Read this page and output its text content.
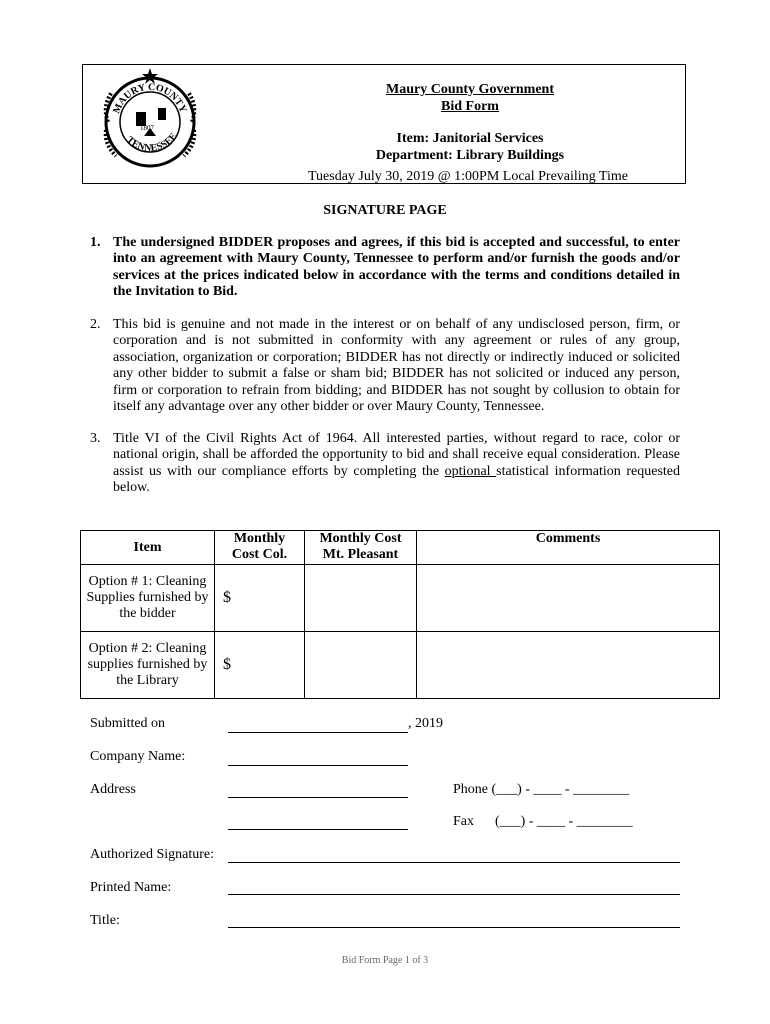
MAURY COUNTY
TENNESSEE
1807
Maury County Government
Bid Form
Item: Janitorial Services
Department: Library Buildings
Tuesday July 30, 2019 @ 1:00PM Local Prevailing Time
SIGNATURE PAGE
1. The undersigned BIDDER proposes and agrees, if this bid is accepted and successful, to enter into an agreement with Maury County, Tennessee to perform and/or furnish the goods and/or services at the prices indicated below in accordance with the terms and conditions detailed in the Invitation to Bid.
2. This bid is genuine and not made in the interest or on behalf of any undisclosed person, firm, or corporation and is not submitted in conformity with any agreement or rules of any group, association, organization or corporation; BIDDER has not directly or indirectly induced or solicited any other bidder to submit a false or sham bid; BIDDER has not solicited or induced any person, firm or corporation to refrain from bidding; and BIDDER has not sought by collusion to obtain for itself any advantage over any other bidder or over Maury County, Tennessee.
3. Title VI of the Civil Rights Act of 1964. All interested parties, without regard to race, color or national origin, shall be afforded the opportunity to bid and shall receive equal consideration. Please assist us with our compliance efforts by completing the optional statistical information requested below.
Item	Monthly Cost Col.	Monthly Cost Mt. Pleasant	Comments

Option # 1: Cleaning Supplies furnished by the bidder	$		

Option # 2: Cleaning supplies furnished by the Library	$		
Submitted on	, 2019
Company Name:
Address	Phone (___) - ____ - ________
Fax      (___) - ____ - ________
Authorized Signature:
Printed Name:
Title:
Bid Form Page 1 of 3
